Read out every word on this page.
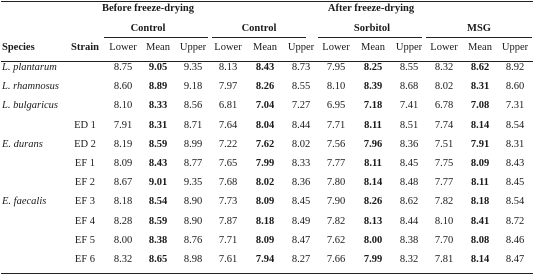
Before freeze-drying	After freeze-drying
Control	Control	Sorbitol	MSG
Species	Strain Lower Mean Upper Lower Mean Upper Lower Mean Upper Lower Mean Upper
L. plantarum	8.75 9.05 9.35 8.13 8.43 8.73 7.95 8.25 8.55 8.32 8.62 8.92
L. rhamnosus	8.60 8.89 9.18 7.97 8.26 8.55 8.10 8.39 8.68 8.02 8.31 8.60
L. bulgaricus	8.10 8.33 8.56 6.81 7.04 7.27 6.95 7.18 7.41 6.78 7.08 7.31
ED 1 7.91 8.31 8.71 7.64 8.04 8.44 7.71 8.11 8.51 7.74 8.14 8.54
E. durans	ED 2 8.19 8.59 8.99 7.22 7.62 8.02 7.56 7.96 8.36 7.51 7.91 8.31
EF 1 8.09 8.43 8.77 7.65 7.99 8.33 7.77 8.11 8.45 7.75 8.09 8.43
EF 2 8.67 9.01 9.35 7.68 8.02 8.36 7.80 8.14 8.48 7.77 8.11 8.45
E. faecalis	EF 3 8.18 8.54 8.90 7.73 8.09 8.45 7.90 8.26 8.62 7.82 8.18 8.54
EF 4 8.28 8.59 8.90 7.87 8.18 8.49 7.82 8.13 8.44 8.10 8.41 8.72
EF 5 8.00 8.38 8.76 7.71 8.09 8.47 7.62 8.00 8.38 7.70 8.08 8.46
EF 6 8.32 8.65 8.98 7.61 7.94 8.27 7.66 7.99 8.32 7.81 8.14 8.47
